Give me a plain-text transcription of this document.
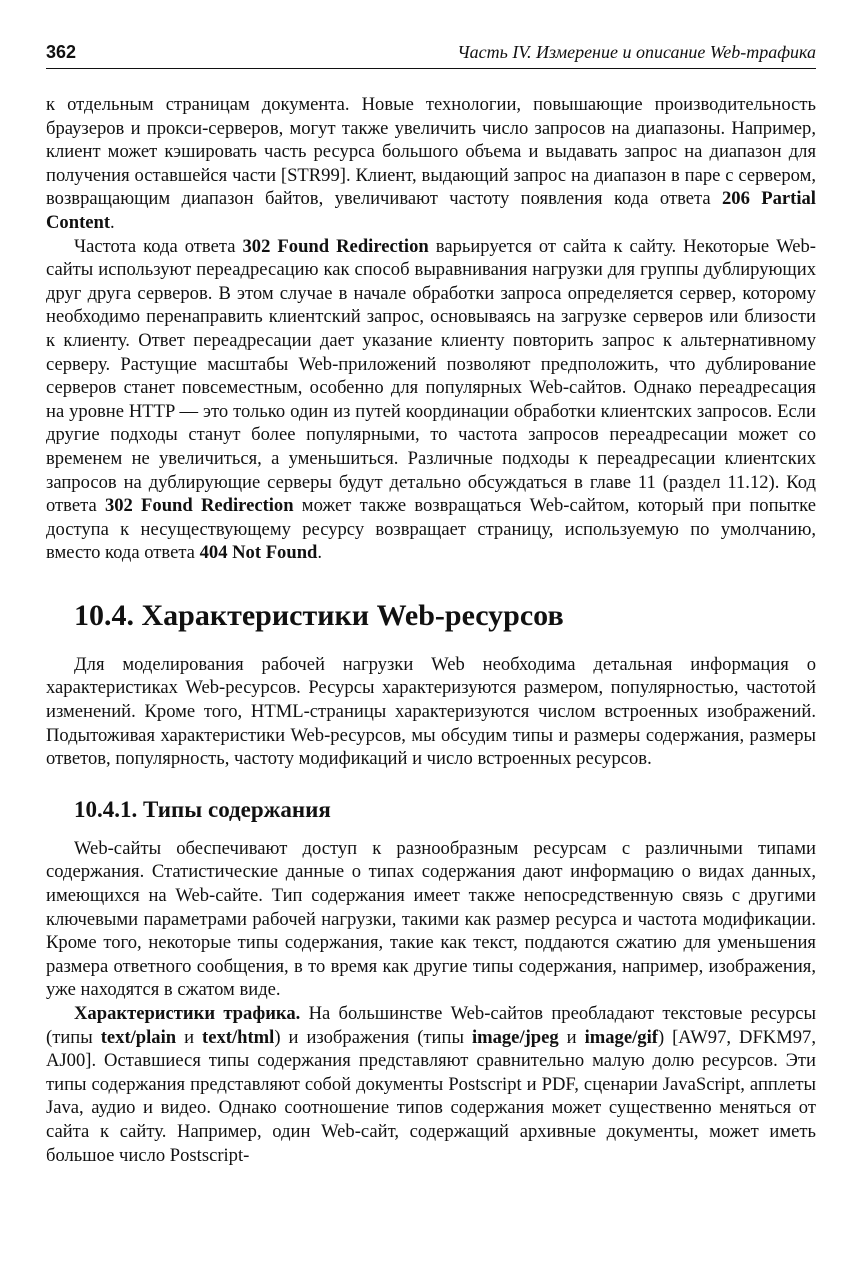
362	Часть IV. Измерение и описание Web-трафика

к отдельным страницам документа. Новые технологии, повышающие производительность браузеров и прокси-серверов, могут также увеличить число запросов на диапазоны. Например, клиент может кэшировать часть ресурса большого объема и выдавать запрос на диапазон для получения оставшейся части [STR99]. Клиент, выдающий запрос на диапазон в паре с сервером, возвращающим диапазон байтов, увеличивают частоту появления кода ответа 206 Partial Content.

Частота кода ответа 302 Found Redirection варьируется от сайта к сайту. Некоторые Web-сайты используют переадресацию как способ выравнивания нагрузки для группы дублирующих друг друга серверов. В этом случае в начале обработки запроса определяется сервер, которому необходимо перенаправить клиентский запрос, основываясь на загрузке серверов или близости к клиенту. Ответ переадресации дает указание клиенту повторить запрос к альтернативному серверу. Растущие масштабы Web-приложений позволяют предположить, что дублирование серверов станет повсеместным, особенно для популярных Web-сайтов. Однако переадресация на уровне HTTP — это только один из путей координации обработки клиентских запросов. Если другие подходы станут более популярными, то частота запросов переадресации может со временем не увеличиться, а уменьшиться. Различные подходы к переадресации клиентских запросов на дублирующие серверы будут детально обсуждаться в главе 11 (раздел 11.12). Код ответа 302 Found Redirection может также возвращаться Web-сайтом, который при попытке доступа к несуществующему ресурсу возвращает страницу, используемую по умолчанию, вместо кода ответа 404 Not Found.

10.4. Характеристики Web-ресурсов

Для моделирования рабочей нагрузки Web необходима детальная информация о характеристиках Web-ресурсов. Ресурсы характеризуются размером, популярностью, частотой изменений. Кроме того, HTML-страницы характеризуются числом встроенных изображений. Подытоживая характеристики Web-ресурсов, мы обсудим типы и размеры содержания, размеры ответов, популярность, частоту модификаций и число встроенных ресурсов.

10.4.1. Типы содержания

Web-сайты обеспечивают доступ к разнообразным ресурсам с различными типами содержания. Статистические данные о типах содержания дают информацию о видах данных, имеющихся на Web-сайте. Тип содержания имеет также непосредственную связь с другими ключевыми параметрами рабочей нагрузки, такими как размер ресурса и частота модификации. Кроме того, некоторые типы содержания, такие как текст, поддаются сжатию для уменьшения размера ответного сообщения, в то время как другие типы содержания, например, изображения, уже находятся в сжатом виде.

Характеристики трафика. На большинстве Web-сайтов преобладают текстовые ресурсы (типы text/plain и text/html) и изображения (типы image/jpeg и image/gif) [AW97, DFKM97, AJ00]. Оставшиеся типы содержания представляют сравнительно малую долю ресурсов. Эти типы содержания представляют собой документы Postscript и PDF, сценарии JavaScript, апплеты Java, аудио и видео. Однако соотношение типов содержания может существенно меняться от сайта к сайту. Например, один Web-сайт, содержащий архивные документы, может иметь большое число Postscript-
